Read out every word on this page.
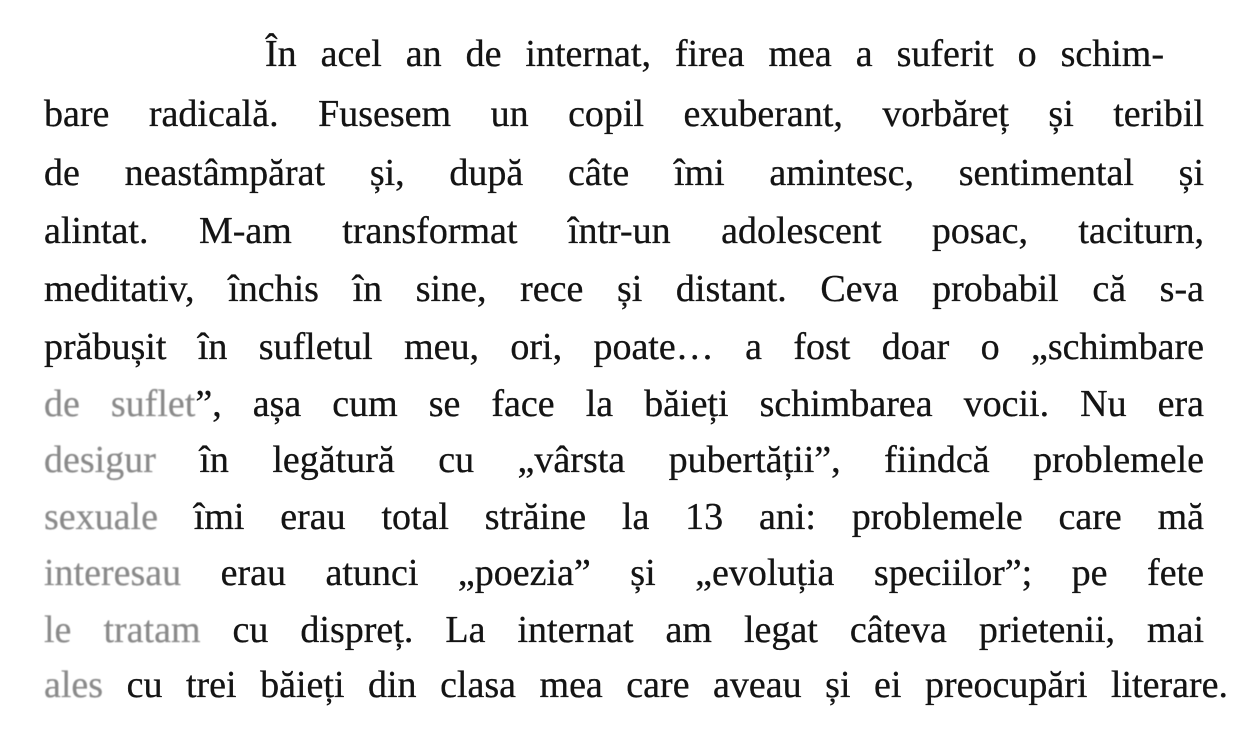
În acel an de internat, firea mea a suferit o schim-
bare radicală. Fusesem un copil exuberant, vorbăreț și teribil
de neastâmpărat și, după câte îmi amintesc, sentimental și
alintat. M-am transformat într-un adolescent posac, taciturn,
meditativ, închis în sine, rece și distant. Ceva probabil că s-a
prăbușit în sufletul meu, ori, poate… a fost doar o „schimbare
de suflet”, așa cum se face la băieți schimbarea vocii. Nu era
desigur în legătură cu „vârsta pubertății”, fiindcă problemele
sexuale îmi erau total străine la 13 ani: problemele care mă
interesau erau atunci „poezia” și „evoluția speciilor”; pe fete
le tratam cu dispreț. La internat am legat câteva prietenii, mai
ales cu trei băieți din clasa mea care aveau și ei preocupări literare.
